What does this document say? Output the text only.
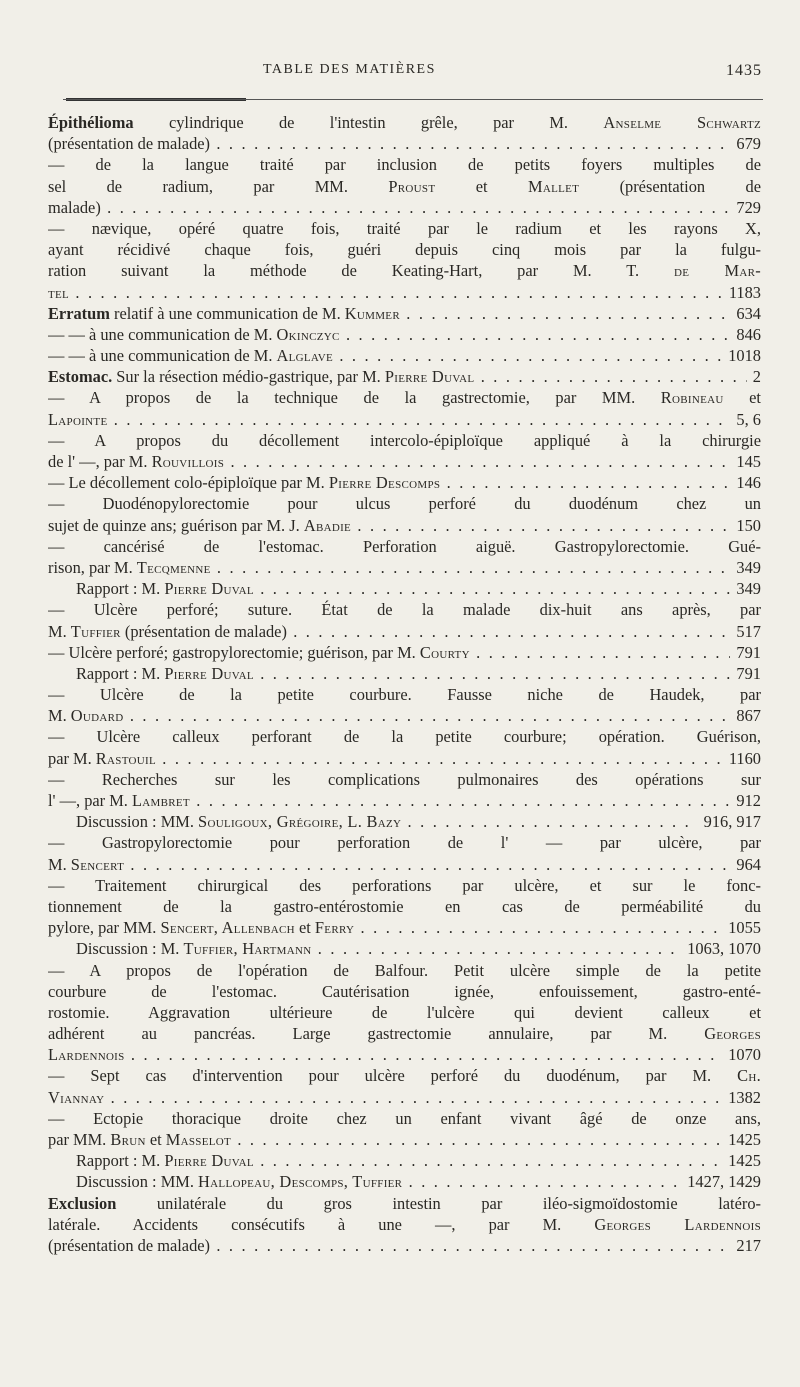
TABLE DES MATIÈRES	1435
Épithélioma cylindrique de l'intestin grêle, par M. Anselme Schwartz
(présentation de malade) . . .	679
— de la langue traité par inclusion de petits foyers multiples de
sel de radium, par MM. Proust et Mallet (présentation de
malade) . . .	729
— nævique, opéré quatre fois, traité par le radium et les rayons X,
ayant récidivé chaque fois, guéri depuis cinq mois par la fulgu-
ration suivant la méthode de Keating-Hart, par M. T. de Mar-
tel . . .	1183
Erratum relatif à une communication de M. Kummer . . .	634
— — à une communication de M. Okinczyc . . .	846
— — à une communication de M. Alglave . . .	1018
Estomac. Sur la résection médio-gastrique, par M. Pierre Duval . . .	2
— A propos de la technique de la gastrectomie, par MM. Robineau et
Lapointe . . .	5, 6
— A propos du décollement intercolo-épiploïque appliqué à la chirurgie
de l' —, par M. Rouvillois . . .	145
— Le décollement colo-épiploïque par M. Pierre Descomps . . .	146
— Duodénopylorectomie pour ulcus perforé du duodénum chez un
sujet de quinze ans; guérison par M. J. Abadie . . .	150
— cancérisé de l'estomac. Perforation aiguë. Gastropylorectomie. Gué-
rison, par M. Tecqmenne . . .	349
Rapport : M. Pierre Duval . . .	349
— Ulcère perforé; suture. État de la malade dix-huit ans après, par
M. Tuffier (présentation de malade) . . .	517
— Ulcère perforé; gastropylorectomie; guérison, par M. Courty . . .	791
Rapport : M. Pierre Duval . . .	791
— Ulcère de la petite courbure. Fausse niche de Haudek, par
M. Oudard . . .	867
— Ulcère calleux perforant de la petite courbure; opération. Guérison,
par M. Rastouil . . .	1160
— Recherches sur les complications pulmonaires des opérations sur
l' —, par M. Lambret . . .	912
Discussion : MM. Souligoux, Grégoire, L. Bazy . . .	916, 917
— Gastropylorectomie pour perforation de l' — par ulcère, par
M. Sencert . . .	964
— Traitement chirurgical des perforations par ulcère, et sur le fonc-
tionnement de la gastro-entérostomie en cas de perméabilité du
pylore, par MM. Sencert, Allenbach et Ferry . . .	1055
Discussion : M. Tuffier, Hartmann . . .	1063, 1070
— A propos de l'opération de Balfour. Petit ulcère simple de la petite
courbure de l'estomac. Cautérisation ignée, enfouissement, gastro-enté-
rostomie. Aggravation ultérieure de l'ulcère qui devient calleux et
adhérent au pancréas. Large gastrectomie annulaire, par M. Georges
Lardennois . . .	1070
— Sept cas d'intervention pour ulcère perforé du duodénum, par M. Ch.
Viannay . . .	1382
— Ectopie thoracique droite chez un enfant vivant âgé de onze ans,
par MM. Brun et Masselot . . .	1425
Rapport : M. Pierre Duval . . .	1425
Discussion : MM. Hallopeau, Descomps, Tuffier . . .	1427, 1429
Exclusion unilatérale du gros intestin par iléo-sigmoïdostomie latéro-
latérale. Accidents consécutifs à une —, par M. Georges Lardennois
(présentation de malade) . . .	217
